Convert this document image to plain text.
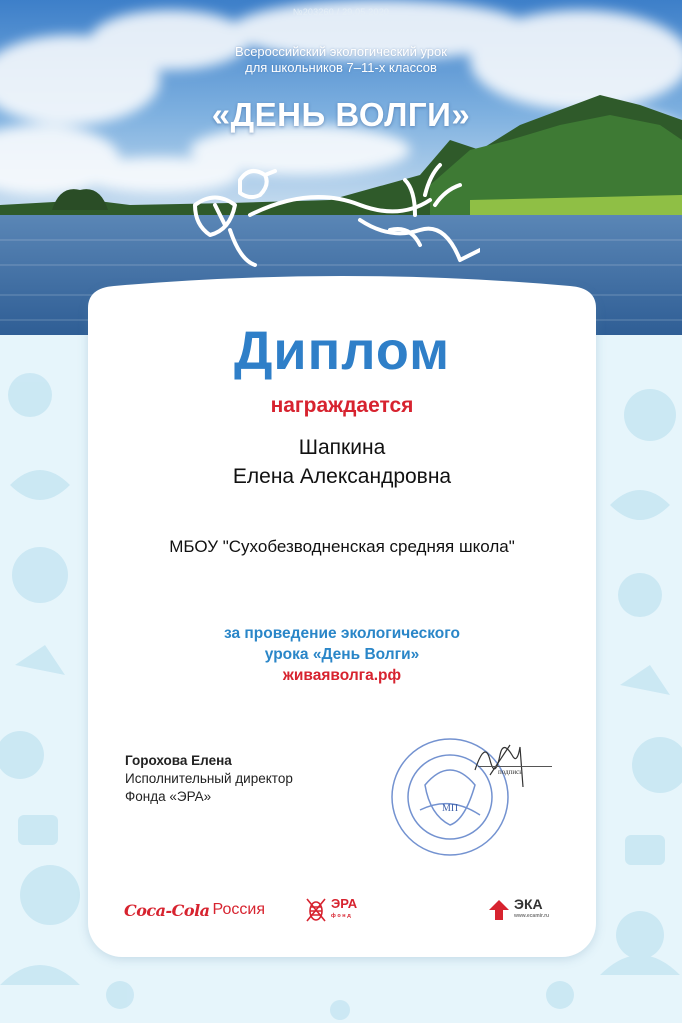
№203260 / 29.05.2020
Всероссийский экологический урок
для школьников 7–11-х классов
«ДЕНЬ ВОЛГИ»
Диплом
награждается
Шапкина
Елена Александровна
МБОУ "Сухобезводненская средняя школа"
за проведение экологического
урока «День Волги»
живаяволга.рф
Горохова Елена
Исполнительный директор
Фонда «ЭРА»
МП
подпись
Coca-Cola Россия	ЭРА
фонд
ЭКА
www.ecamir.ru
